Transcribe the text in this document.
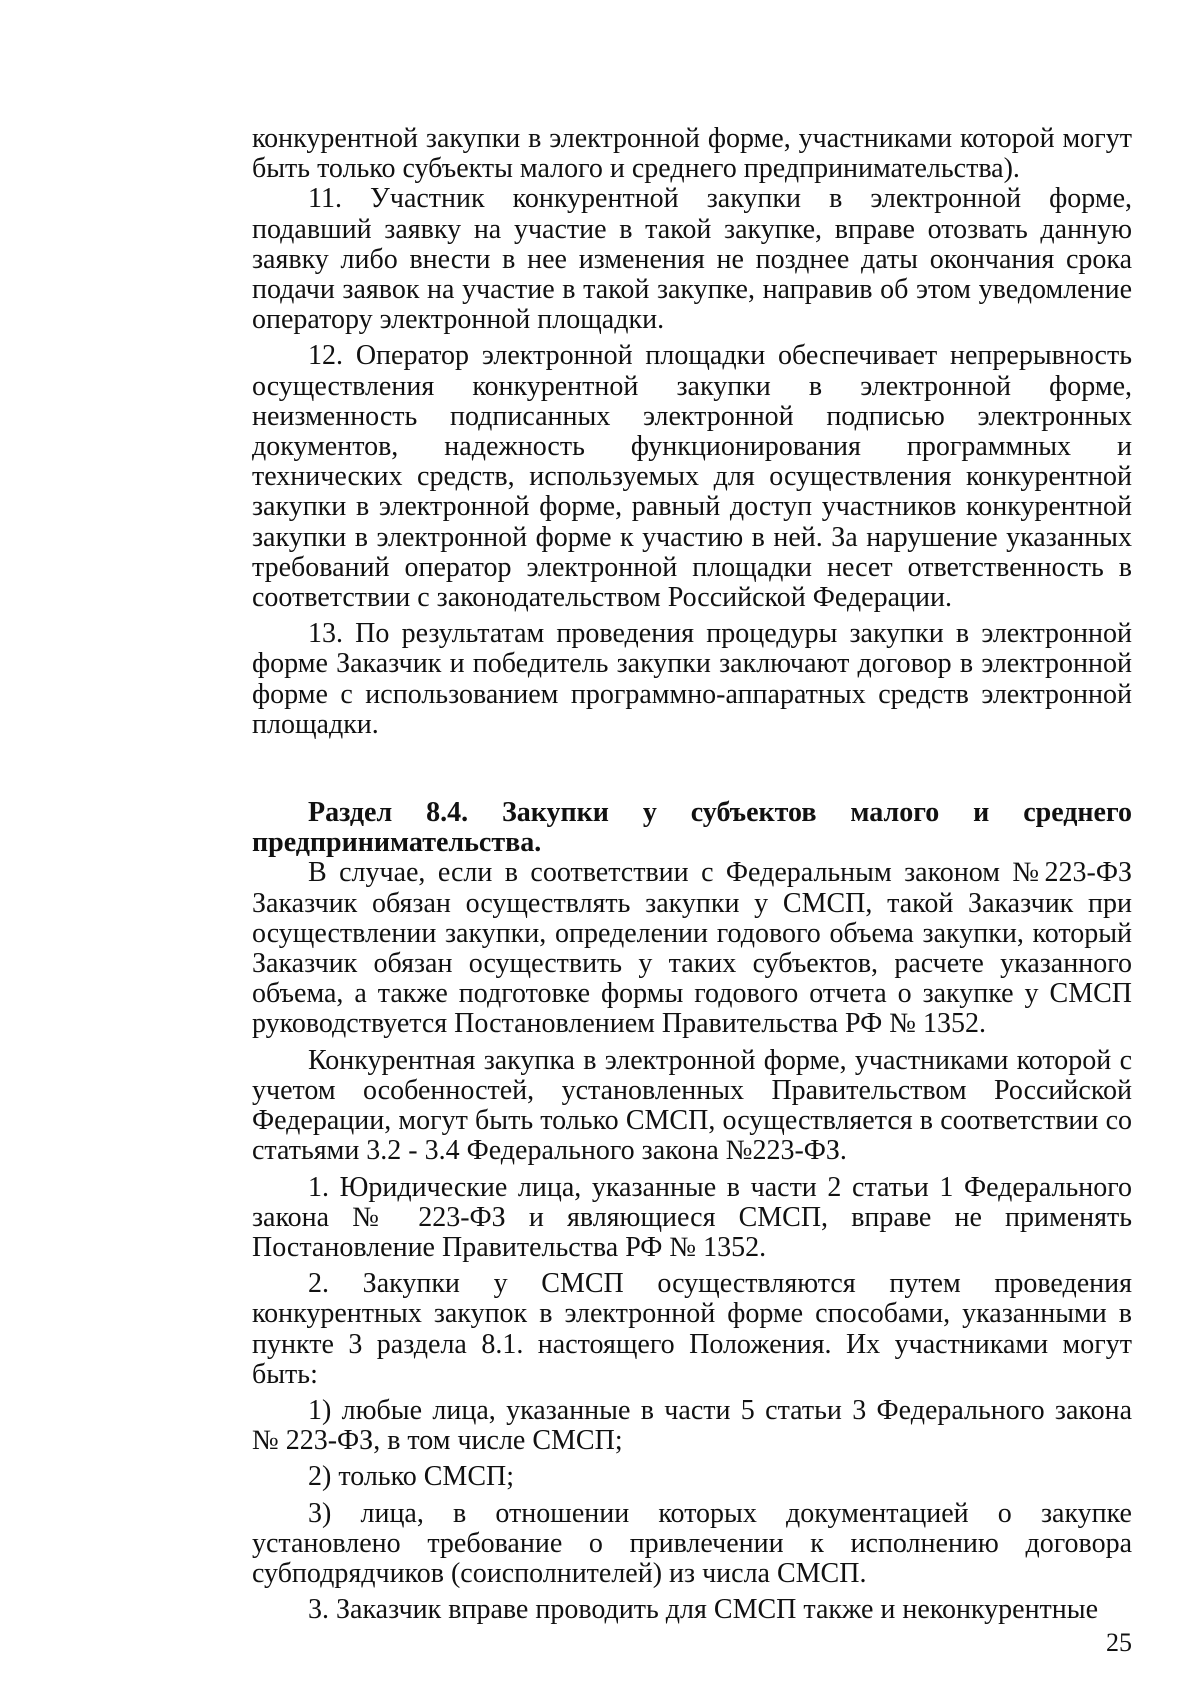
конкурентной закупки в электронной форме, участниками которой могут быть только субъекты малого и среднего предпринимательства).

11. Участник конкурентной закупки в электронной форме, подавший заявку на участие в такой закупке, вправе отозвать данную заявку либо внести в нее изменения не позднее даты окончания срока подачи заявок на участие в такой закупке, направив об этом уведомление оператору электронной площадки.

12. Оператор электронной площадки обеспечивает непрерывность осуществления конкурентной закупки в электронной форме, неизменность подписанных электронной подписью электронных документов, надежность функционирования программных и технических средств, используемых для осуществления конкурентной закупки в электронной форме, равный доступ участников конкурентной закупки в электронной форме к участию в ней. За нарушение указанных требований оператор электронной площадки несет ответственность в соответствии с законодательством Российской Федерации.

13. По результатам проведения процедуры закупки в электронной форме Заказчик и победитель закупки заключают договор в электронной форме с использованием программно-аппаратных средств электронной площадки.

Раздел 8.4. Закупки у субъектов малого и среднего предпринимательства.

В случае, если в соответствии с Федеральным законом №223-ФЗ Заказчик обязан осуществлять закупки у СМСП, такой Заказчик при осуществлении закупки, определении годового объема закупки, который Заказчик обязан осуществить у таких субъектов, расчете указанного объема, а также подготовке формы годового отчета о закупке у СМСП руководствуется Постановлением Правительства РФ № 1352.

Конкурентная закупка в электронной форме, участниками которой с учетом особенностей, установленных Правительством Российской Федерации, могут быть только СМСП, осуществляется в соответствии со статьями 3.2 - 3.4 Федерального закона №223-ФЗ.

1. Юридические лица, указанные в части 2 статьи 1 Федерального закона № 223-ФЗ и являющиеся СМСП, вправе не применять Постановление Правительства РФ № 1352.

2. Закупки у СМСП осуществляются путем проведения конкурентных закупок в электронной форме способами, указанными в пункте 3 раздела 8.1. настоящего Положения. Их участниками могут быть:

1) любые лица, указанные в части 5 статьи 3 Федерального закона № 223-ФЗ, в том числе СМСП;

2) только СМСП;

3) лица, в отношении которых документацией о закупке установлено требование о привлечении к исполнению договора субподрядчиков (соисполнителей) из числа СМСП.

3. Заказчик вправе проводить для СМСП также и неконкурентные

25
